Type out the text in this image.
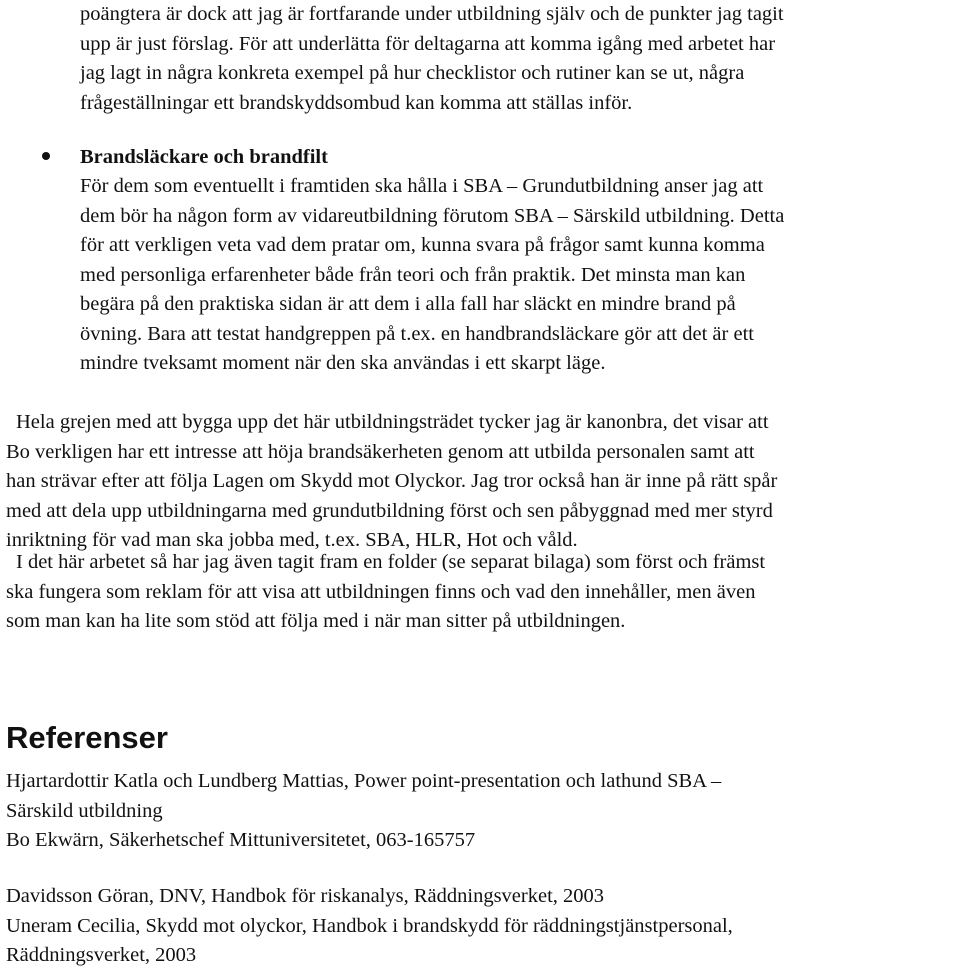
poängtera är dock att jag är fortfarande under utbildning själv och de punkter jag tagit
upp är just förslag. För att underlätta för deltagarna att komma igång med arbetet har
jag lagt in några konkreta exempel på hur checklistor och rutiner kan se ut, några
frågeställningar ett brandskyddsombud kan komma att ställas inför.
Brandsläckare och brandfilt
För dem som eventuellt i framtiden ska hålla i SBA – Grundutbildning anser jag att
dem bör ha någon form av vidareutbildning förutom SBA – Särskild utbildning. Detta
för att verkligen veta vad dem pratar om, kunna svara på frågor samt kunna komma
med personliga erfarenheter både från teori och från praktik. Det minsta man kan
begära på den praktiska sidan är att dem i alla fall har släckt en mindre brand på
övning. Bara att testat handgreppen på t.ex. en handbrandsläckare gör att det är ett
mindre tveksamt moment när den ska användas i ett skarpt läge.
Hela grejen med att bygga upp det här utbildningsträdet tycker jag är kanonbra, det visar att
Bo verkligen har ett intresse att höja brandsäkerheten genom att utbilda personalen samt att
han strävar efter att följa Lagen om Skydd mot Olyckor. Jag tror också han är inne på rätt spår
med att dela upp utbildningarna med grundutbildning först och sen påbyggnad med mer styrd
inriktning för vad man ska jobba med, t.ex. SBA, HLR, Hot och våld.
I det här arbetet så har jag även tagit fram en folder (se separat bilaga) som först och främst
ska fungera som reklam för att visa att utbildningen finns och vad den innehåller, men även
som man kan ha lite som stöd att följa med i när man sitter på utbildningen.
Referenser
Hjartardottir Katla och Lundberg Mattias, Power point-presentation och lathund SBA –
Särskild utbildning
Bo Ekwärn, Säkerhetschef Mittuniversitetet, 063-165757
Davidsson Göran, DNV, Handbok för riskanalys, Räddningsverket, 2003
Uneram Cecilia, Skydd mot olyckor, Handbok i brandskydd för räddningstjänstpersonal,
Räddningsverket, 2003
